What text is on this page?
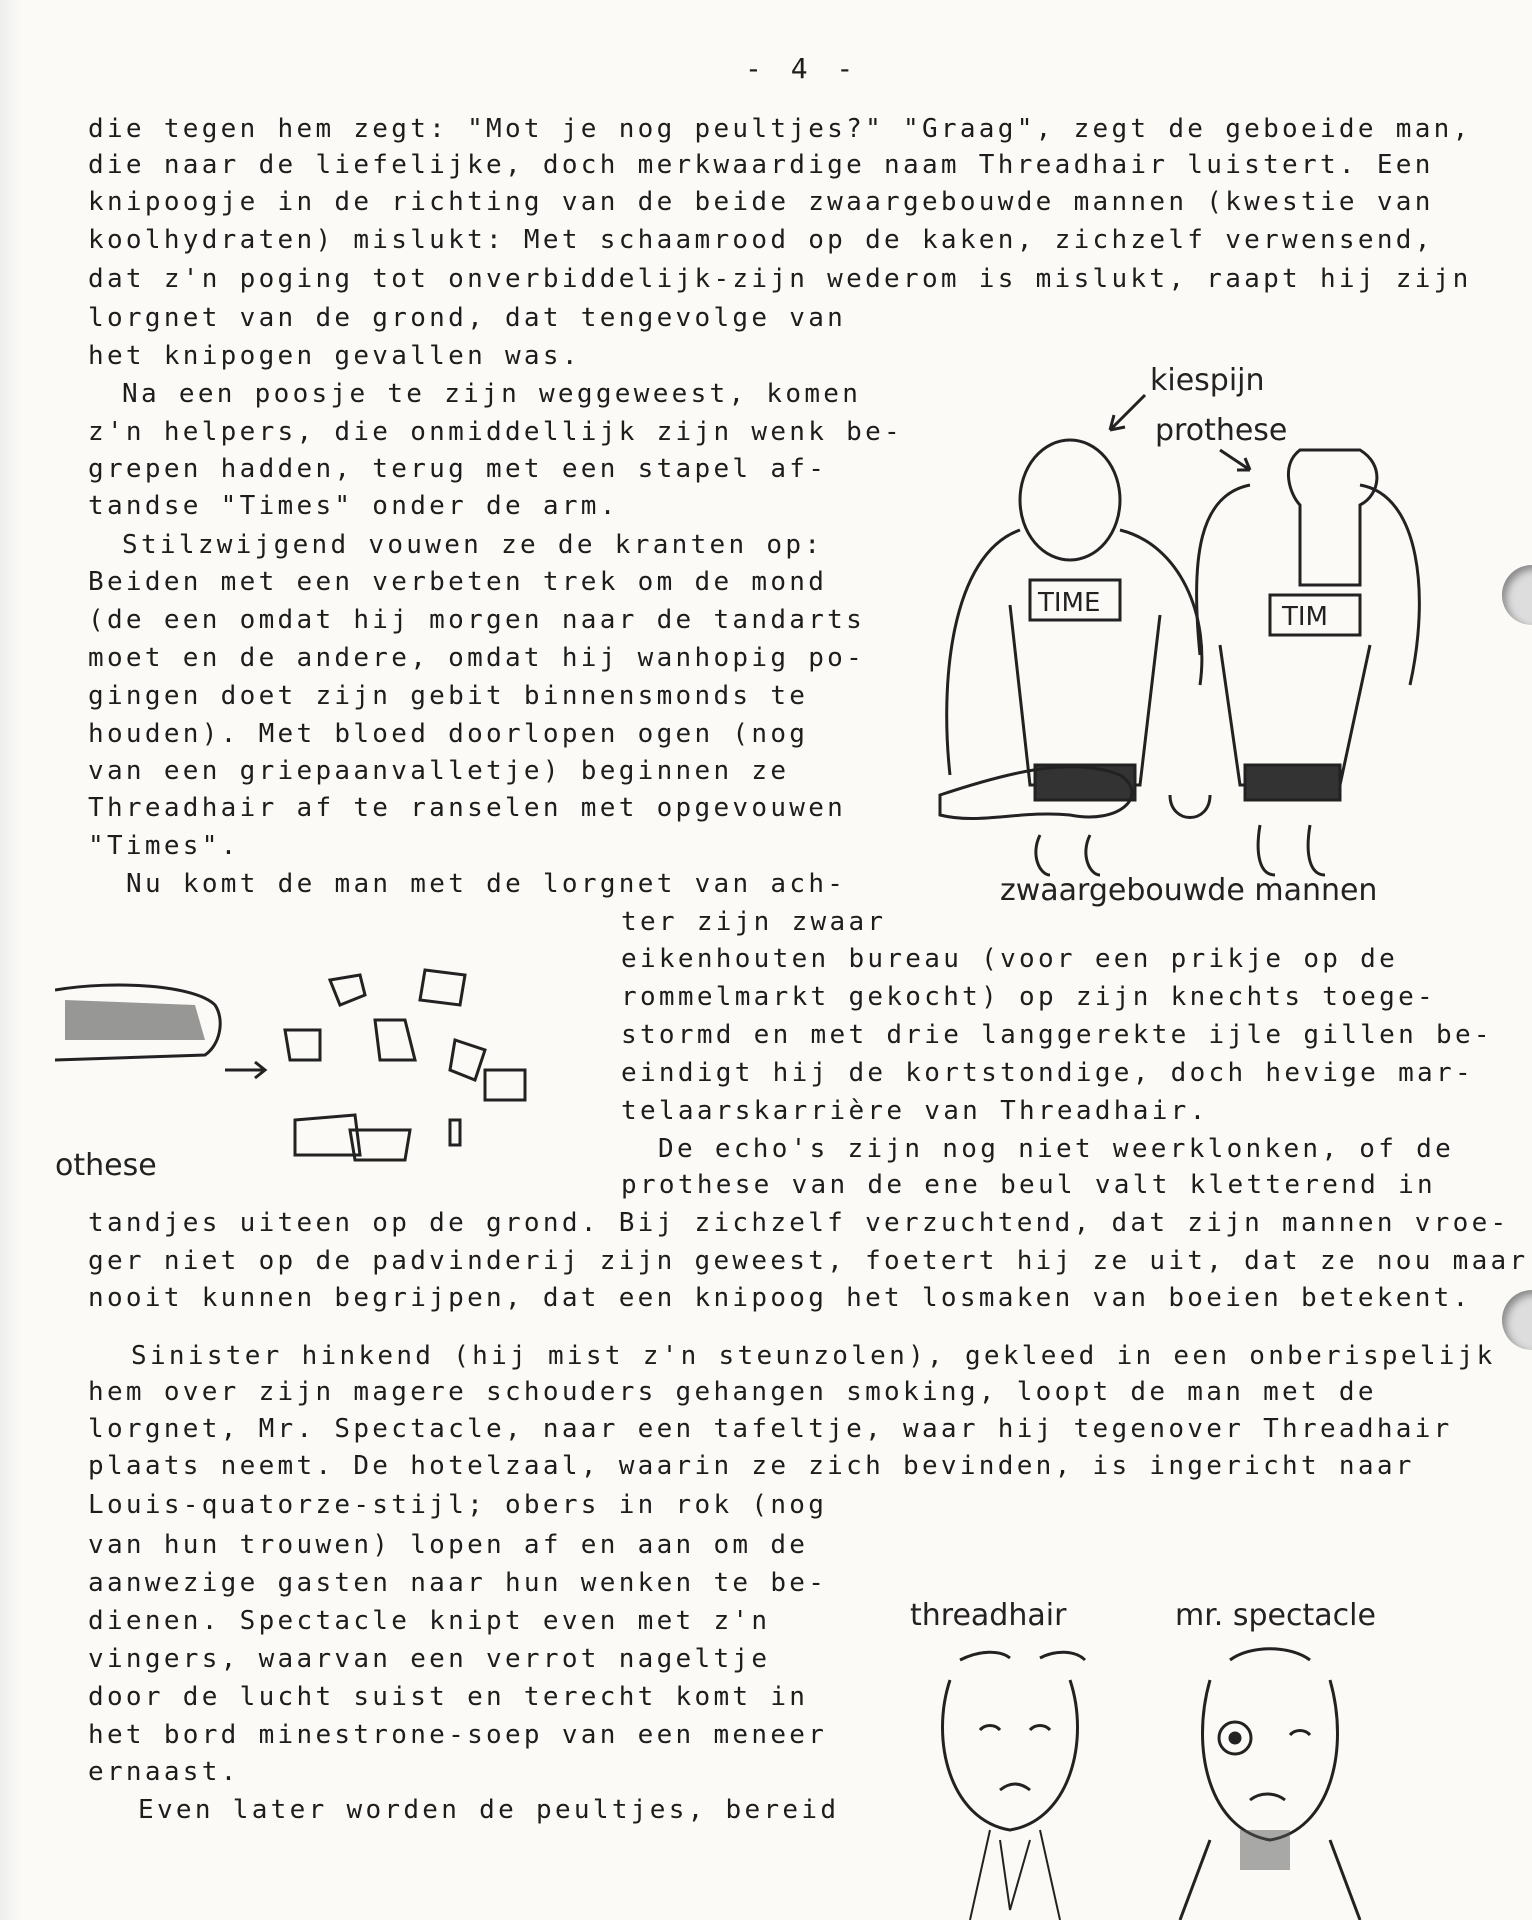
- 4 -
die tegen hem zegt: "Mot je nog peultjes?" "Graag", zegt de geboeide man,
die naar de liefelijke, doch merkwaardige naam Threadhair luistert. Een
knipoogje in de richting van de beide zwaargebouwde mannen (kwestie van
koolhydraten) mislukt: Met schaamrood op de kaken, zichzelf verwensend,
dat z'n poging tot onverbiddelijk-zijn wederom is mislukt, raapt hij zijn
lorgnet van de grond, dat tengevolge van
het knipogen gevallen was.
Na een poosje te zijn weggeweest, komen
z'n helpers, die onmiddellijk zijn wenk be-
grepen hadden, terug met een stapel af-
tandse "Times" onder de arm.
Stilzwijgend vouwen ze de kranten op:
Beiden met een verbeten trek om de mond
(de een omdat hij morgen naar de tandarts
moet en de andere, omdat hij wanhopig po-
gingen doet zijn gebit binnensmonds te
houden). Met bloed doorlopen ogen (nog
van een griepaanvalletje) beginnen ze
Threadhair af te ranselen met opgevouwen
"Times".
Nu komt de man met de lorgnet van ach-
ter zijn zwaar
eikenhouten bureau (voor een prikje op de
rommelmarkt gekocht) op zijn knechts toege-
stormd en met drie langgerekte ijle gillen be-
eindigt hij de kortstondige, doch hevige mar-
telaarskarrière van Threadhair.
De echo's zijn nog niet weerklonken, of de
prothese van de ene beul valt kletterend in
tandjes uiteen op de grond. Bij zichzelf verzuchtend, dat zijn mannen vroe-
ger niet op de padvinderij zijn geweest, foetert hij ze uit, dat ze nou maar
nooit kunnen begrijpen, dat een knipoog het losmaken van boeien betekent.
Sinister hinkend (hij mist z'n steunzolen), gekleed in een onberispelijk
hem over zijn magere schouders gehangen smoking, loopt de man met de
lorgnet, Mr. Spectacle, naar een tafeltje, waar hij tegenover Threadhair
plaats neemt. De hotelzaal, waarin ze zich bevinden, is ingericht naar
Louis-quatorze-stijl; obers in rok (nog
van hun trouwen) lopen af en aan om de
aanwezige gasten naar hun wenken te be-
dienen. Spectacle knipt even met z'n
vingers, waarvan een verrot nageltje
door de lucht suist en terecht komt in
het bord minestrone-soep van een meneer
ernaast.
Even later worden de peultjes, bereid
kiespijn
prothese
TIME	TIM
zwaargebouwde mannen
othese
threadhair	mr. spectacle
